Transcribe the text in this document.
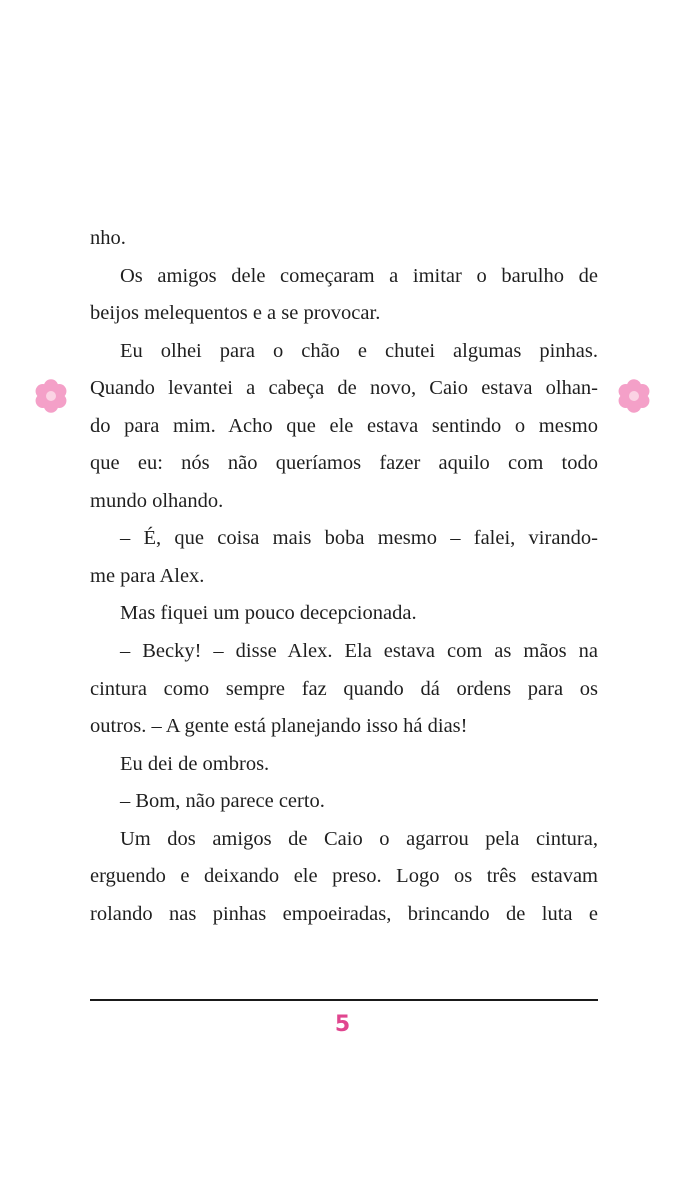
nho.
Os amigos dele começaram a imitar o barulho de
beijos melequentos e a se provocar.
Eu olhei para o chão e chutei algumas pinhas.
Quando levantei a cabeça de novo, Caio estava olhan-
do para mim. Acho que ele estava sentindo o mesmo
que eu: nós não queríamos fazer aquilo com todo
mundo olhando.
– É, que coisa mais boba mesmo – falei, virando-
me para Alex.
Mas fiquei um pouco decepcionada.
– Becky! – disse Alex. Ela estava com as mãos na
cintura como sempre faz quando dá ordens para os
outros. – A gente está planejando isso há dias!
Eu dei de ombros.
– Bom, não parece certo.
Um dos amigos de Caio o agarrou pela cintura,
erguendo e deixando ele preso. Logo os três estavam
rolando nas pinhas empoeiradas, brincando de luta e
5
